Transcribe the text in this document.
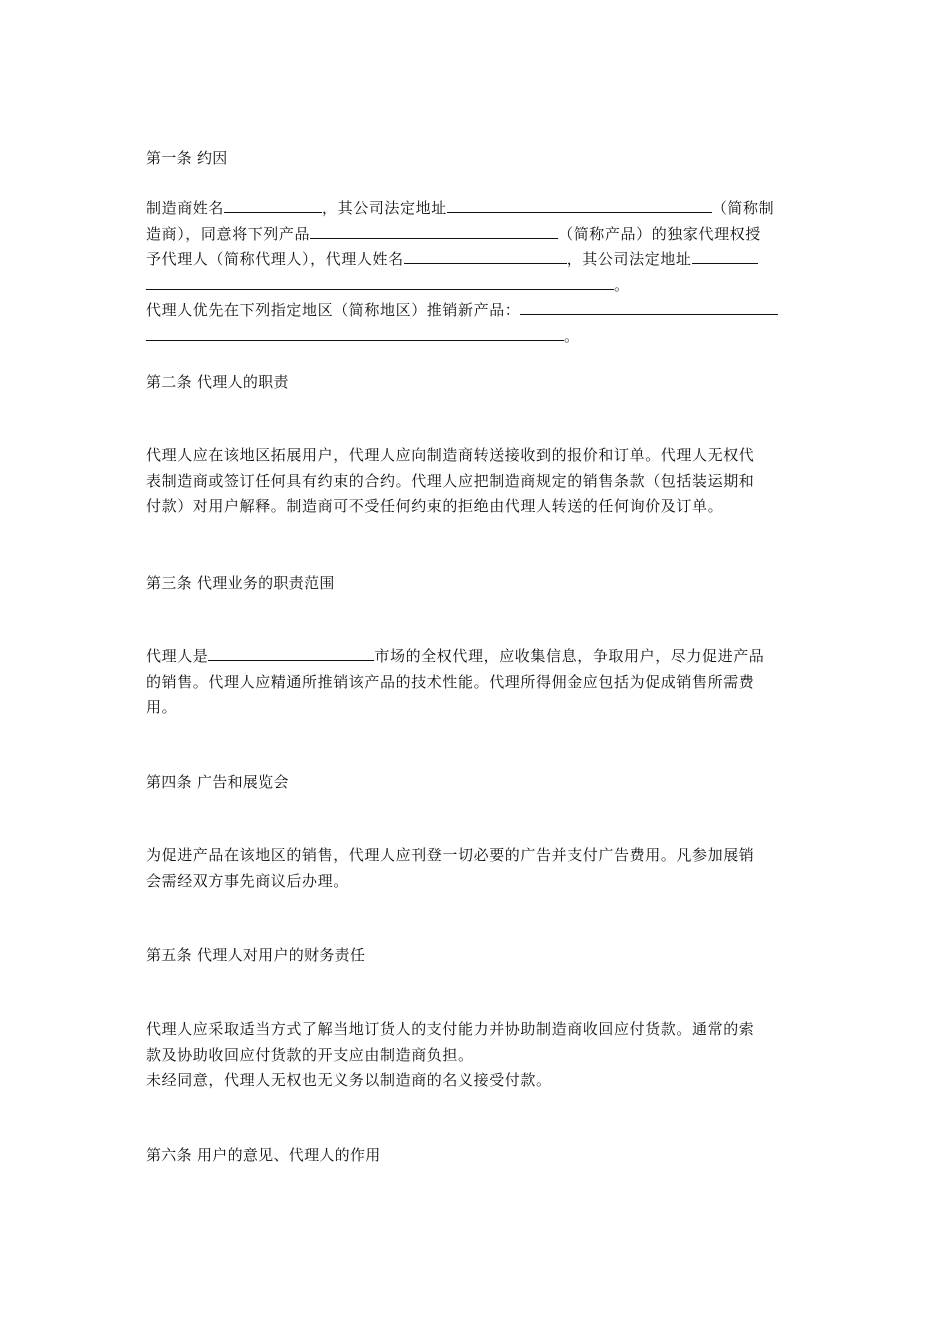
第一条 约因
制造商姓名	，其公司法定地址	（简称制
造商），同意将下列产品	（简称产品）的独家代理权授
予代理人（简称代理人），代理人姓名	，其公司法定地址
。
代理人优先在下列指定地区（简称地区）推销新产品：
。
第二条 代理人的职责
代理人应在该地区拓展用户，代理人应向制造商转送接收到的报价和订单。代理人无权代
表制造商或签订任何具有约束的合约。代理人应把制造商规定的销售条款（包括装运期和
付款）对用户解释。制造商可不受任何约束的拒绝由代理人转送的任何询价及订单。
第三条 代理业务的职责范围
代理人是	市场的全权代理，应收集信息，争取用户，尽力促进产品
的销售。代理人应精通所推销该产品的技术性能。代理所得佣金应包括为促成销售所需费
用。
第四条 广告和展览会
为促进产品在该地区的销售，代理人应刊登一切必要的广告并支付广告费用。凡参加展销
会需经双方事先商议后办理。
第五条 代理人对用户的财务责任
代理人应采取适当方式了解当地订货人的支付能力并协助制造商收回应付货款。通常的索
款及协助收回应付货款的开支应由制造商负担。
未经同意，代理人无权也无义务以制造商的名义接受付款。
第六条 用户的意见、代理人的作用
